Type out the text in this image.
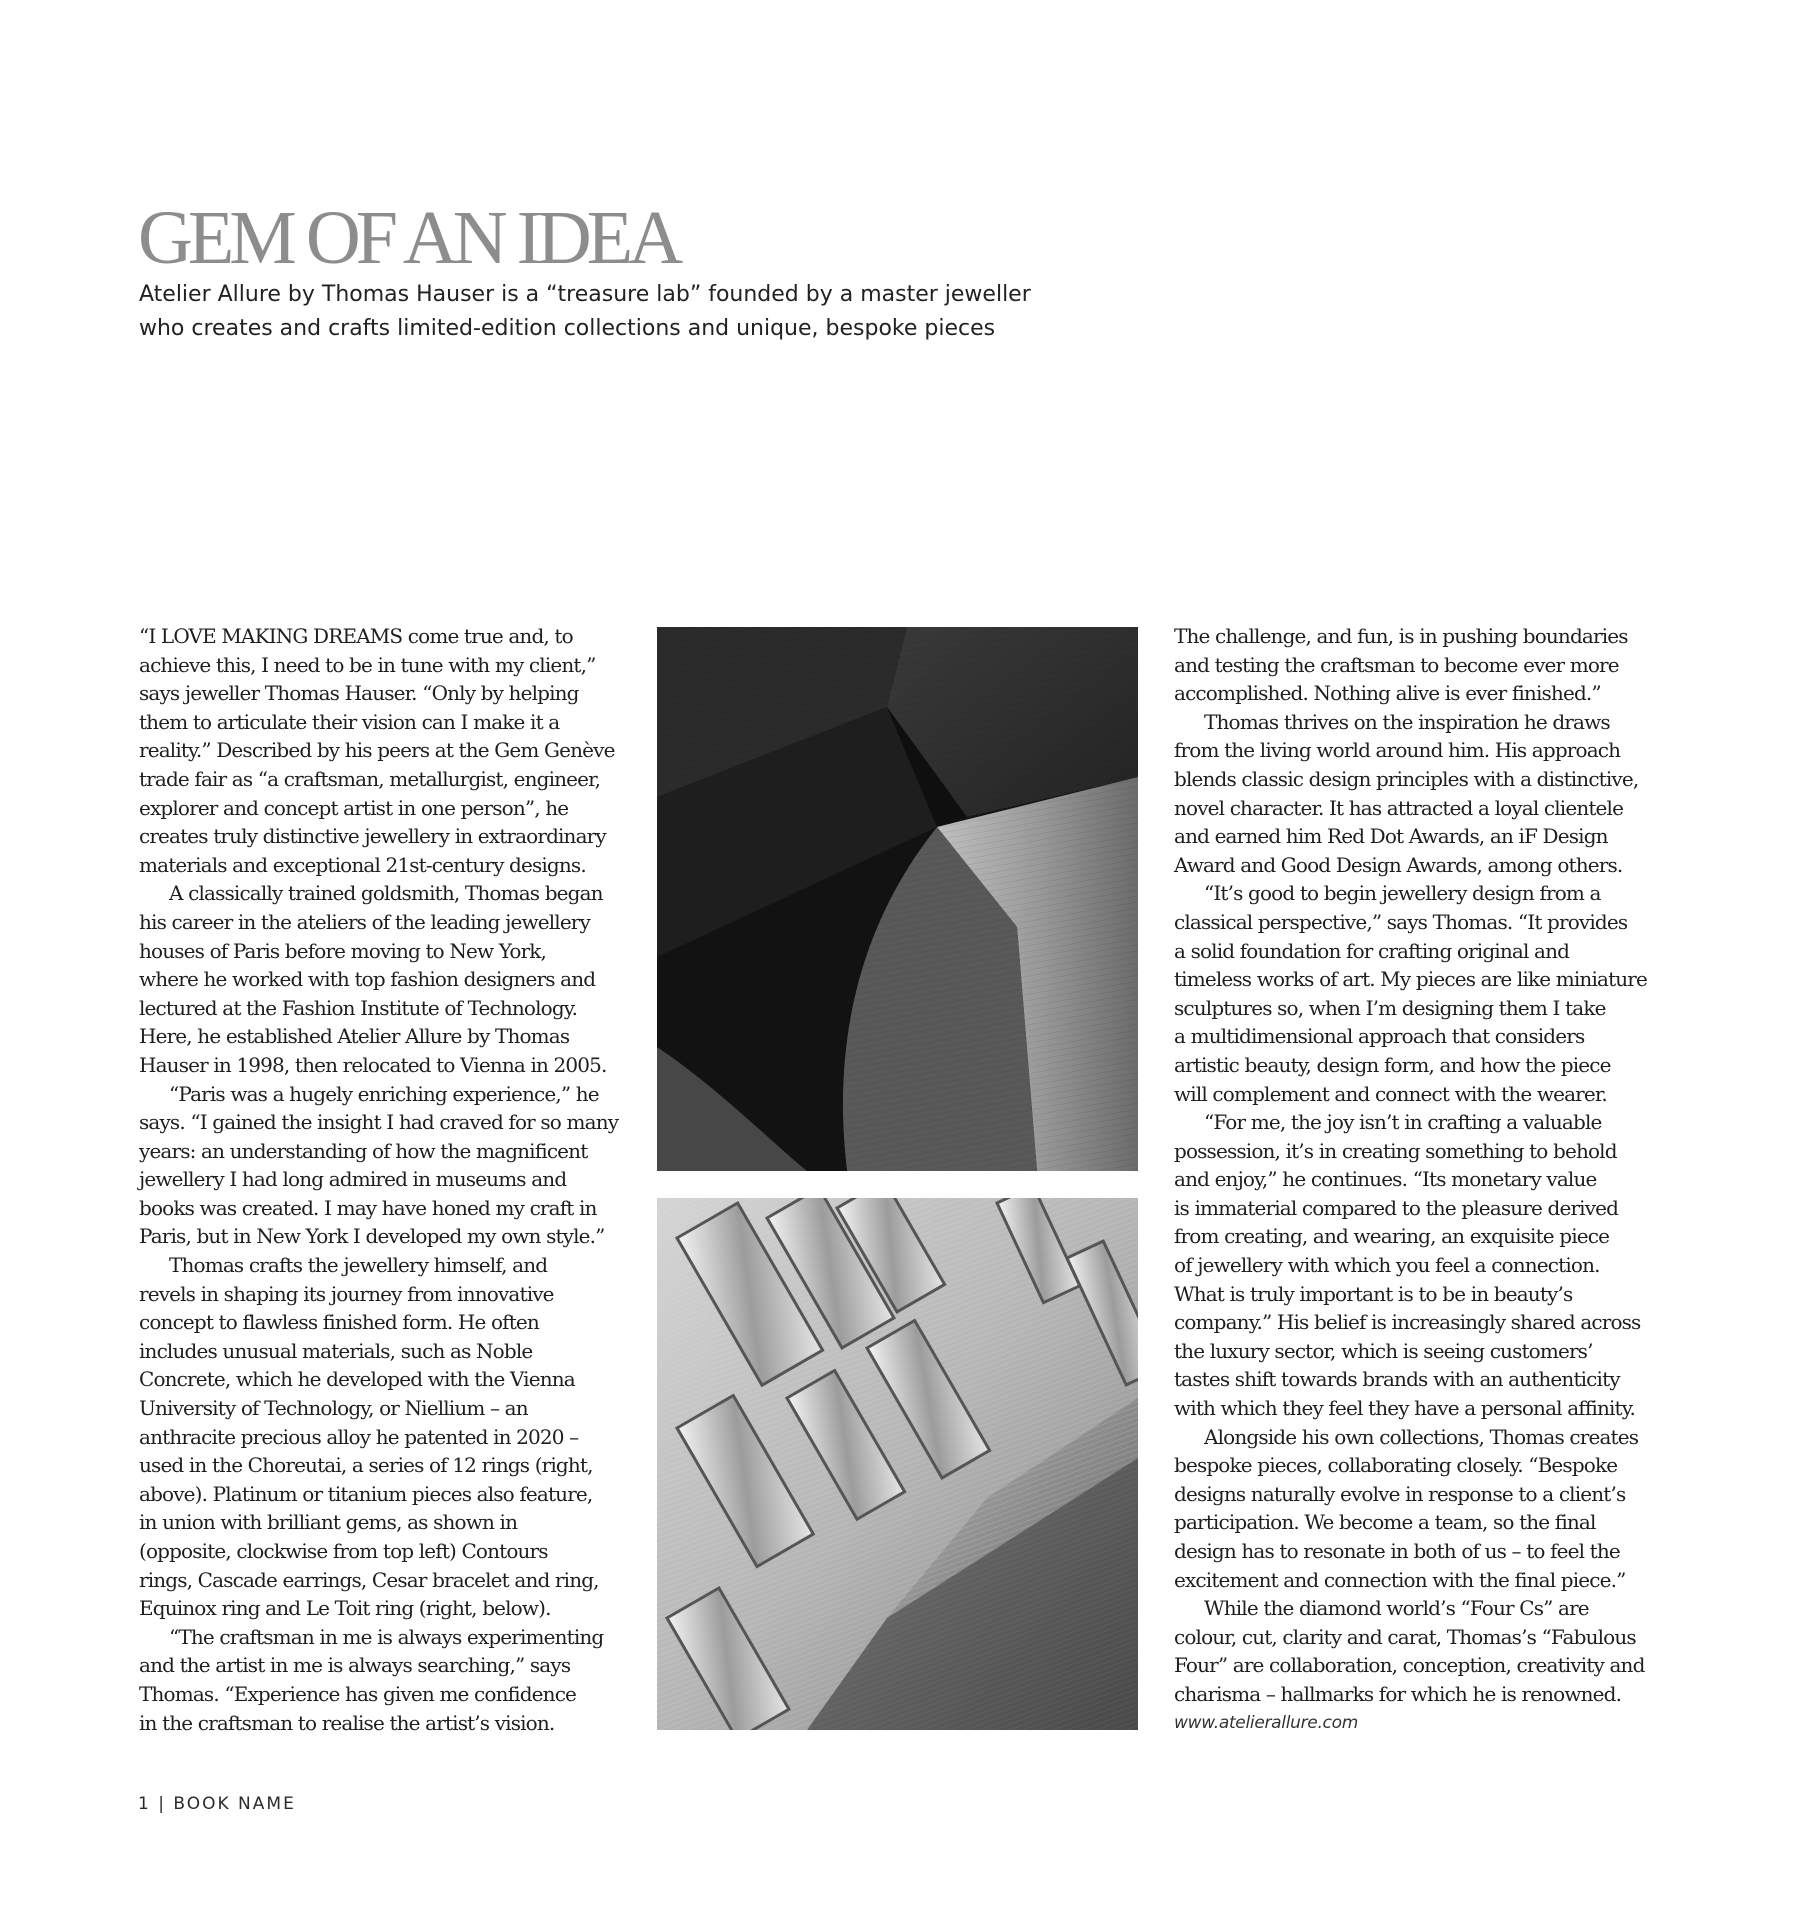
GEM OF AN IDEA
Atelier Allure by Thomas Hauser is a “treasure lab” founded by a master jeweller
who creates and crafts limited-edition collections and unique, bespoke pieces

“I LOVE MAKING DREAMS come true and, to
achieve this, I need to be in tune with my client,”
says jeweller Thomas Hauser. “Only by helping
them to articulate their vision can I make it a
reality.” Described by his peers at the Gem Genève
trade fair as “a craftsman, metallurgist, engineer,
explorer and concept artist in one person”, he
creates truly distinctive jewellery in extraordinary
materials and exceptional 21st-century designs.

A classically trained goldsmith, Thomas began
his career in the ateliers of the leading jewellery
houses of Paris before moving to New York,
where he worked with top fashion designers and
lectured at the Fashion Institute of Technology.
Here, he established Atelier Allure by Thomas
Hauser in 1998, then relocated to Vienna in 2005.

“Paris was a hugely enriching experience,” he
says. “I gained the insight I had craved for so many
years: an understanding of how the magnificent
jewellery I had long admired in museums and
books was created. I may have honed my craft in
Paris, but in New York I developed my own style.”

Thomas crafts the jewellery himself, and
revels in shaping its journey from innovative
concept to flawless finished form. He often
includes unusual materials, such as Noble
Concrete, which he developed with the Vienna
University of Technology, or Niellium – an
anthracite precious alloy he patented in 2020 –
used in the Choreutai, a series of 12 rings (right,
above). Platinum or titanium pieces also feature,
in union with brilliant gems, as shown in
(opposite, clockwise from top left) Contours
rings, Cascade earrings, Cesar bracelet and ring,
Equinox ring and Le Toit ring (right, below).

“The craftsman in me is always experimenting
and the artist in me is always searching,” says
Thomas. “Experience has given me confidence
in the craftsman to realise the artist’s vision.

The challenge, and fun, is in pushing boundaries
and testing the craftsman to become ever more
accomplished. Nothing alive is ever finished.”

Thomas thrives on the inspiration he draws
from the living world around him. His approach
blends classic design principles with a distinctive,
novel character. It has attracted a loyal clientele
and earned him Red Dot Awards, an iF Design
Award and Good Design Awards, among others.

“It’s good to begin jewellery design from a
classical perspective,” says Thomas. “It provides
a solid foundation for crafting original and
timeless works of art. My pieces are like miniature
sculptures so, when I’m designing them I take
a multidimensional approach that considers
artistic beauty, design form, and how the piece
will complement and connect with the wearer.

“For me, the joy isn’t in crafting a valuable
possession, it’s in creating something to behold
and enjoy,” he continues. “Its monetary value
is immaterial compared to the pleasure derived
from creating, and wearing, an exquisite piece
of jewellery with which you feel a connection.
What is truly important is to be in beauty’s
company.” His belief is increasingly shared across
the luxury sector, which is seeing customers’
tastes shift towards brands with an authenticity
with which they feel they have a personal affinity.

Alongside his own collections, Thomas creates
bespoke pieces, collaborating closely. “Bespoke
designs naturally evolve in response to a client’s
participation. We become a team, so the final
design has to resonate in both of us – to feel the
excitement and connection with the final piece.”

While the diamond world’s “Four Cs” are
colour, cut, clarity and carat, Thomas’s “Fabulous
Four” are collaboration, conception, creativity and
charisma – hallmarks for which he is renowned.

www.atelierallure.com

1 | BOOK NAME
